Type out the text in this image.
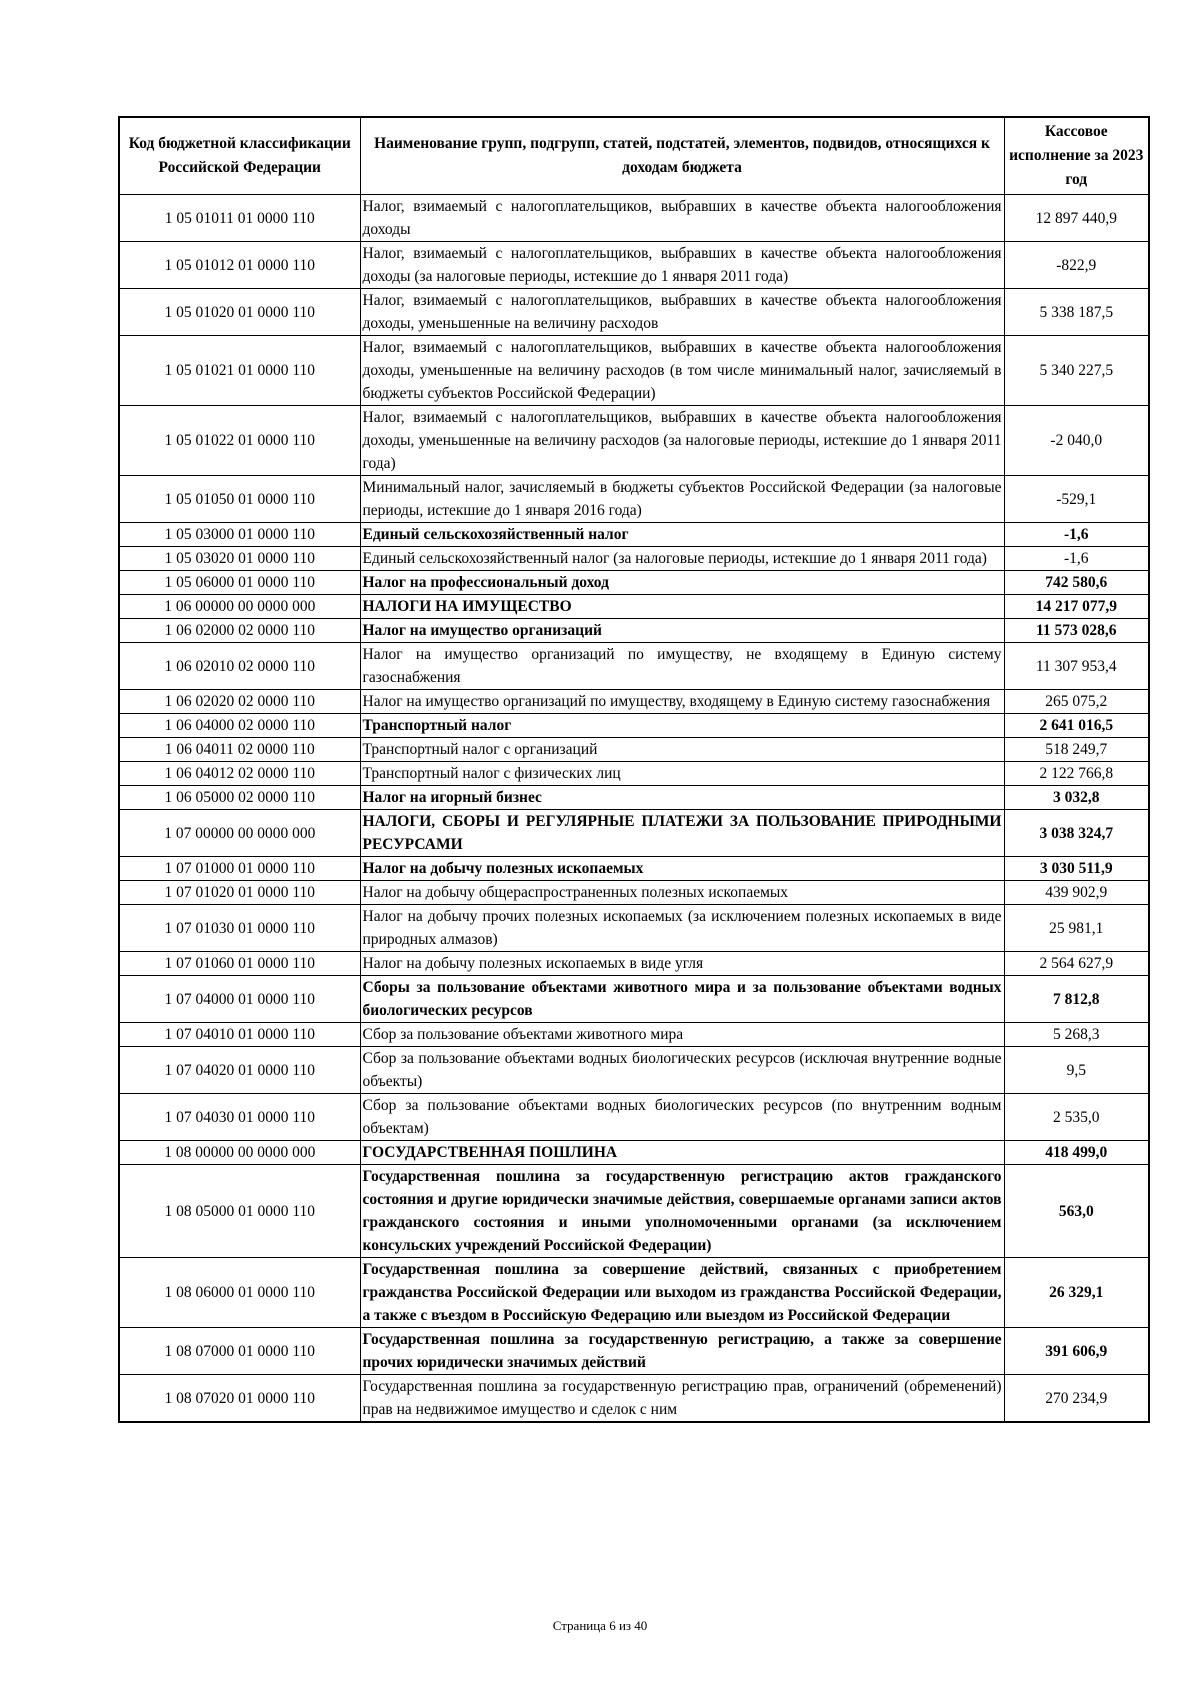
Код бюджетной классификации Российской Федерации	Наименование групп, подгрупп, статей, подстатей, элементов, подвидов, относящихся к доходам бюджета	Кассовое исполнение за 2023 год
1 05 01011 01 0000 110	Налог, взимаемый с налогоплательщиков, выбравших в качестве объекта налогообложения доходы	12 897 440,9
1 05 01012 01 0000 110	Налог, взимаемый с налогоплательщиков, выбравших в качестве объекта налогообложения доходы (за налоговые периоды, истекшие до 1 января 2011 года)	-822,9
1 05 01020 01 0000 110	Налог, взимаемый с налогоплательщиков, выбравших в качестве объекта налогообложения доходы, уменьшенные на величину расходов	5 338 187,5
1 05 01021 01 0000 110	Налог, взимаемый с налогоплательщиков, выбравших в качестве объекта налогообложения доходы, уменьшенные на величину расходов (в том числе минимальный налог, зачисляемый в бюджеты субъектов Российской Федерации)	5 340 227,5
1 05 01022 01 0000 110	Налог, взимаемый с налогоплательщиков, выбравших в качестве объекта налогообложения доходы, уменьшенные на величину расходов (за налоговые периоды, истекшие до 1 января 2011 года)	-2 040,0
1 05 01050 01 0000 110	Минимальный налог, зачисляемый в бюджеты субъектов Российской Федерации (за налоговые периоды, истекшие до 1 января 2016 года)	-529,1
1 05 03000 01 0000 110	Единый сельскохозяйственный налог	-1,6
1 05 03020 01 0000 110	Единый сельскохозяйственный налог (за налоговые периоды, истекшие до 1 января 2011 года)	-1,6
1 05 06000 01 0000 110	Налог на профессиональный доход	742 580,6
1 06 00000 00 0000 000	НАЛОГИ НА ИМУЩЕСТВО	14 217 077,9
1 06 02000 02 0000 110	Налог на имущество организаций	11 573 028,6
1 06 02010 02 0000 110	Налог на имущество организаций по имуществу, не входящему в Единую систему газоснабжения	11 307 953,4
1 06 02020 02 0000 110	Налог на имущество организаций по имуществу, входящему в Единую систему газоснабжения	265 075,2
1 06 04000 02 0000 110	Транспортный налог	2 641 016,5
1 06 04011 02 0000 110	Транспортный налог с организаций	518 249,7
1 06 04012 02 0000 110	Транспортный налог с физических лиц	2 122 766,8
1 06 05000 02 0000 110	Налог на игорный бизнес	3 032,8
1 07 00000 00 0000 000	НАЛОГИ, СБОРЫ И РЕГУЛЯРНЫЕ ПЛАТЕЖИ ЗА ПОЛЬЗОВАНИЕ ПРИРОДНЫМИ РЕСУРСАМИ	3 038 324,7
1 07 01000 01 0000 110	Налог на добычу полезных ископаемых	3 030 511,9
1 07 01020 01 0000 110	Налог на добычу общераспространенных полезных ископаемых	439 902,9
1 07 01030 01 0000 110	Налог на добычу прочих полезных ископаемых (за исключением полезных ископаемых в виде природных алмазов)	25 981,1
1 07 01060 01 0000 110	Налог на добычу полезных ископаемых в виде угля	2 564 627,9
1 07 04000 01 0000 110	Сборы за пользование объектами животного мира и за пользование объектами водных биологических ресурсов	7 812,8
1 07 04010 01 0000 110	Сбор за пользование объектами животного мира	5 268,3
1 07 04020 01 0000 110	Сбор за пользование объектами водных биологических ресурсов (исключая внутренние водные объекты)	9,5
1 07 04030 01 0000 110	Сбор за пользование объектами водных биологических ресурсов (по внутренним водным объектам)	2 535,0
1 08 00000 00 0000 000	ГОСУДАРСТВЕННАЯ ПОШЛИНА	418 499,0
1 08 05000 01 0000 110	Государственная пошлина за государственную регистрацию актов гражданского состояния и другие юридически значимые действия, совершаемые органами записи актов гражданского состояния и иными уполномоченными органами (за исключением консульских учреждений Российской Федерации)	563,0
1 08 06000 01 0000 110	Государственная пошлина за совершение действий, связанных с приобретением гражданства Российской Федерации или выходом из гражданства Российской Федерации, а также с въездом в Российскую Федерацию или выездом из Российской Федерации	26 329,1
1 08 07000 01 0000 110	Государственная пошлина за государственную регистрацию, а также за совершение прочих юридически значимых действий	391 606,9
1 08 07020 01 0000 110	Государственная пошлина за государственную регистрацию прав, ограничений (обременений) прав на недвижимое имущество и сделок с ним	270 234,9
Страница 6 из 40
